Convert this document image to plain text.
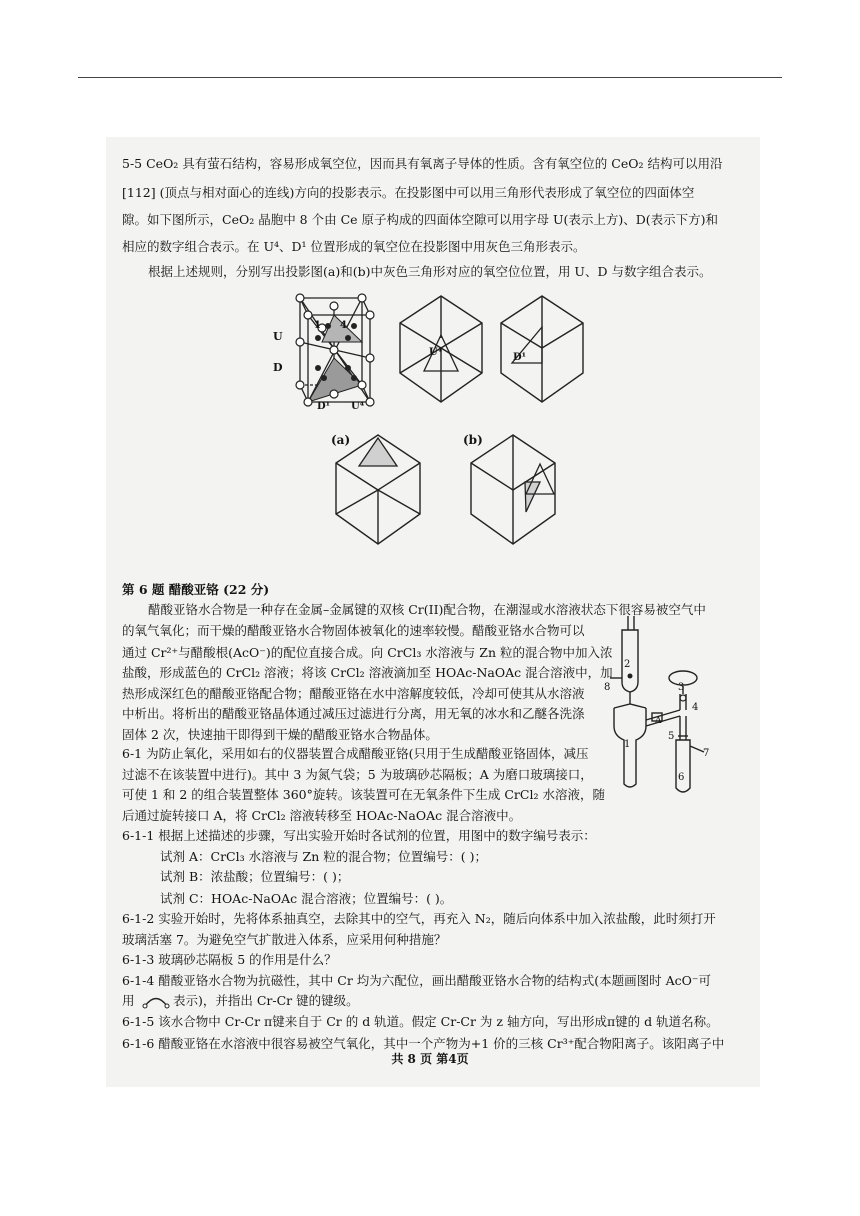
5-5 CeO₂ 具有萤石结构，容易形成氧空位，因而具有氧离子导体的性质。含有氧空位的 CeO₂ 结构可以用沿
[112] (顶点与相对面心的连线)方向的投影表示。在投影图中可以用三角形代表形成了氧空位的四面体空
隙。如下图所示，CeO₂ 晶胞中 8 个由 Ce 原子构成的四面体空隙可以用字母 U(表示上方)、D(表示下方)和
相应的数字组合表示。在 U⁴、D¹ 位置形成的氧空位在投影图中用灰色三角形表示。
根据上述规则，分别写出投影图(a)和(b)中灰色三角形对应的氧空位位置，用 U、D 与数字组合表示。
U
D
1 4
D¹ U⁴
U⁴	D¹
(a)	(b)
第 6 题 醋酸亚铬 (22 分)
醋酸亚铬水合物是一种存在金属–金属键的双核 Cr(II)配合物，在潮湿或水溶液状态下很容易被空气中
的氧气氧化；而干燥的醋酸亚铬水合物固体被氧化的速率较慢。醋酸亚铬水合物可以
通过 Cr²⁺与醋酸根(AcO⁻)的配位直接合成。向 CrCl₃ 水溶液与 Zn 粒的混合物中加入浓
盐酸，形成蓝色的 CrCl₂ 溶液；将该 CrCl₂ 溶液滴加至 HOAc-NaOAc 混合溶液中，加
热形成深红色的醋酸亚铬配合物；醋酸亚铬在水中溶解度较低，冷却可使其从水溶液
中析出。将析出的醋酸亚铬晶体通过减压过滤进行分离，用无氧的冰水和乙醚各洗涤
固体 2 次，快速抽干即得到干燥的醋酸亚铬水合物晶体。
6-1 为防止氧化，采用如右的仪器装置合成醋酸亚铬(只用于生成醋酸亚铬固体，减压
过滤不在该装置中进行)。其中 3 为氮气袋；5 为玻璃砂芯隔板；A 为磨口玻璃接口，
可使 1 和 2 的组合装置整体 360°旋转。该装置可在无氧条件下生成 CrCl₂ 水溶液，随
后通过旋转接口 A，将 CrCl₂ 溶液转移至 HOAc-NaOAc 混合溶液中。
6-1-1 根据上述描述的步骤，写出实验开始时各试剂的位置，用图中的数字编号表示：
试剂 A：CrCl₃ 水溶液与 Zn 粒的混合物；位置编号：( )；
试剂 B：浓盐酸；位置编号：( )；
试剂 C：HOAc-NaOAc 混合溶液；位置编号：( )。
6-1-2 实验开始时，先将体系抽真空，去除其中的空气，再充入 N₂，随后向体系中加入浓盐酸，此时须打开
玻璃活塞 7。为避免空气扩散进入体系，应采用何种措施？
6-1-3 玻璃砂芯隔板 5 的作用是什么？
6-1-4 醋酸亚铬水合物为抗磁性，其中 Cr 均为六配位，画出醋酸亚铬水合物的结构式(本题画图时 AcO⁻可
用	表示)，并指出 Cr-Cr 键的键级。
6-1-5 该水合物中 Cr-Cr π键来自于 Cr 的 d 轨道。假定 Cr-Cr 为 z 轴方向，写出形成π键的 d 轨道名称。
6-1-6 醋酸亚铬在水溶液中很容易被空气氧化，其中一个产物为+1 价的三核 Cr³⁺配合物阳离子。该阳离子中
2
8	3
4
A
5
1
7
6
共 8 页 第4页
